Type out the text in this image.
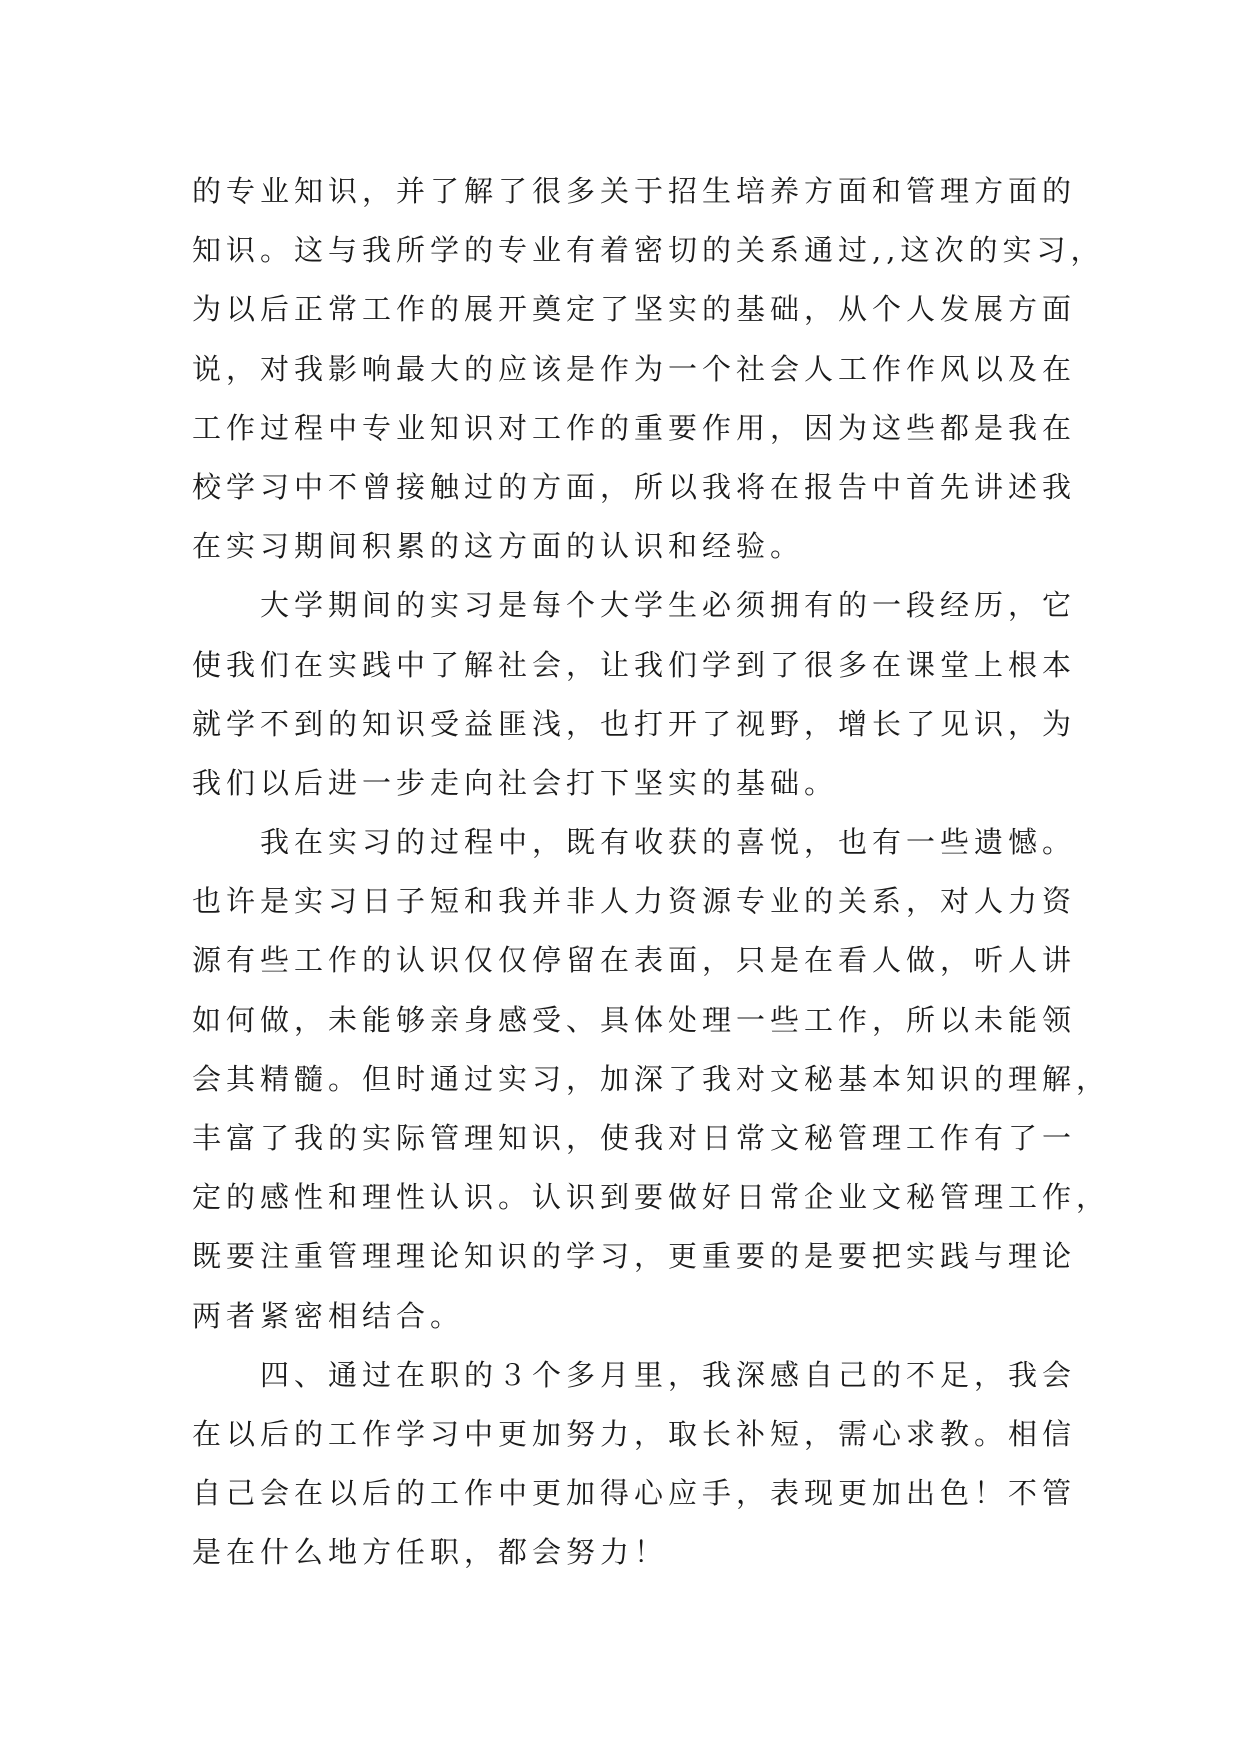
的专业知识，并了解了很多关于招生培养方面和管理方面的
知识。这与我所学的专业有着密切的关系通过,,这次的实习，
为以后正常工作的展开奠定了坚实的基础，从个人发展方面
说，对我影响最大的应该是作为一个社会人工作作风以及在
工作过程中专业知识对工作的重要作用，因为这些都是我在
校学习中不曾接触过的方面，所以我将在报告中首先讲述我
在实习期间积累的这方面的认识和经验。
　　大学期间的实习是每个大学生必须拥有的一段经历，它
使我们在实践中了解社会，让我们学到了很多在课堂上根本
就学不到的知识受益匪浅，也打开了视野，增长了见识，为
我们以后进一步走向社会打下坚实的基础。
　　我在实习的过程中，既有收获的喜悦，也有一些遗憾。
也许是实习日子短和我并非人力资源专业的关系，对人力资
源有些工作的认识仅仅停留在表面，只是在看人做，听人讲
如何做，未能够亲身感受、具体处理一些工作，所以未能领
会其精髓。但时通过实习，加深了我对文秘基本知识的理解，
丰富了我的实际管理知识，使我对日常文秘管理工作有了一
定的感性和理性认识。认识到要做好日常企业文秘管理工作，
既要注重管理理论知识的学习，更重要的是要把实践与理论
两者紧密相结合。
　　四、通过在职的３个多月里，我深感自己的不足，我会
在以后的工作学习中更加努力，取长补短，需心求教。相信
自己会在以后的工作中更加得心应手，表现更加出色！不管
是在什么地方任职，都会努力！
